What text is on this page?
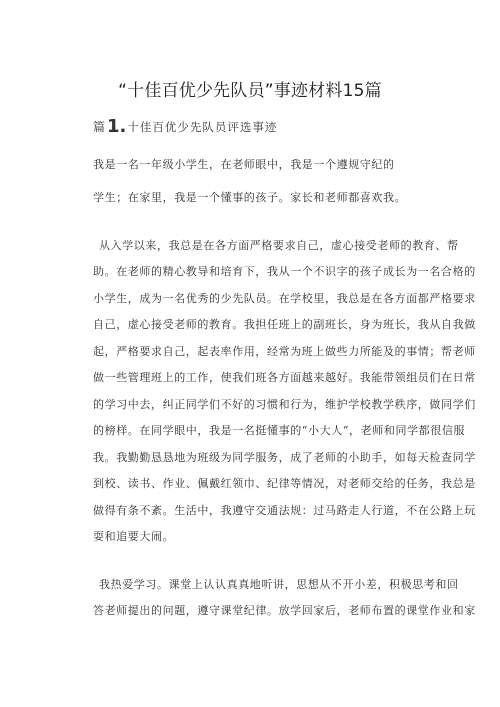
“十佳百优少先队员”事迹材料15篇
篇1.十佳百优少先队员评选事迹
我是一名一年级小学生，在老师眼中，我是一个遵规守纪的
学生；在家里，我是一个懂事的孩子。家长和老师都喜欢我。
从入学以来，我总是在各方面严格要求自己，虚心接受老师的教育、帮
助。在老师的精心教导和培育下，我从一个不识字的孩子成长为一名合格的
小学生，成为一名优秀的少先队员。在学校里，我总是在各方面都严格要求
自己，虚心接受老师的教育。我担任班上的副班长，身为班长，我从自我做
起，严格要求自己，起表率作用，经常为班上做些力所能及的事情；帮老师
做一些管理班上的工作，使我们班各方面越来越好。我能带领组员们在日常
的学习中去，纠正同学们不好的习惯和行为，维护学校教学秩序，做同学们
的榜样。在同学眼中，我是一名挺懂事的“小大人”，老师和同学都很信服
我。我勤勤恳恳地为班级为同学服务，成了老师的小助手，如每天检查同学
到校、读书、作业、佩戴红领巾、纪律等情况，对老师交给的任务，我总是
做得有条不紊。生活中，我遵守交通法规：过马路走人行道，不在公路上玩
耍和追要大闹。
我热爱学习。课堂上认认真真地听讲，思想从不开小差，积极思考和回
答老师提出的问题，遵守课堂纪律。放学回家后，老师布置的课堂作业和家
